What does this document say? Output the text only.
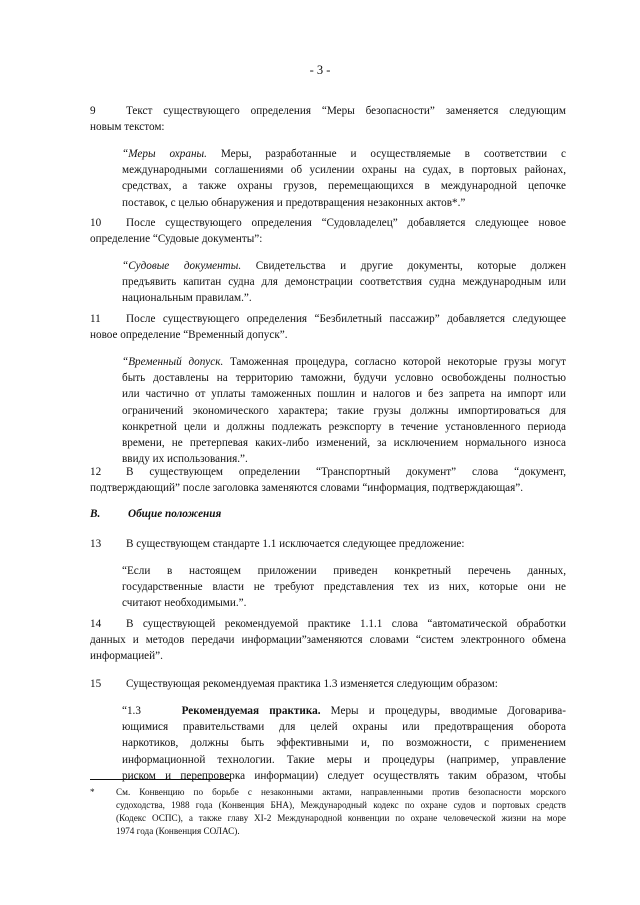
- 3 -
9	Текст существующего определения “Меры безопасности” заменяется следующим
новым текстом:
“Меры охраны. Меры, разработанные и осуществляемые в соответствии с
международными соглашениями об усилении охраны на судах, в портовых районах,
средствах, а также охраны грузов, перемещающихся в международной цепочке
поставок, с целью обнаружения и предотвращения незаконных актов*.”
10 После существующего определения “Судовладелец” добавляется следующее новое
определение “Судовые документы”:
“Судовые документы. Свидетельства и другие документы, которые должен
предъявить капитан судна для демонстрации соответствия судна международным или
национальным правилам.”.
11 После существующего определения “Безбилетный пассажир” добавляется следующее
новое определение “Временный допуск”.
“Временный допуск. Таможенная процедура, согласно которой некоторые грузы могут
быть доставлены на территорию таможни, будучи условно освобождены полностью
или частично от уплаты таможенных пошлин и налогов и без запрета на импорт или
ограничений экономического характера; такие грузы должны импортироваться для
конкретной цели и должны подлежать реэкспорту в течение установленного периода
времени, не претерпевая каких-либо изменений, за исключением нормального износа
ввиду их использования.”.
12 В существующем определении “Транспортный документ” слова “документ,
подтверждающий” после заголовка заменяются словами “информация, подтверждающая”.
B. Общие положения
13 В существующем стандарте 1.1 исключается следующее предложение:
“Если в настоящем приложении приведен конкретный перечень данных,
государственные власти не требуют представления тех из них, которые они не
считают необходимыми.”.
14 В существующей рекомендуемой практике 1.1.1 слова “автоматической обработки
данных и методов передачи информации”заменяются словами “систем электронного обмена
информацией”.
15 Существующая рекомендуемая практика 1.3 изменяется следующим образом:
“1.3	Рекомендуемая практика. Меры и процедуры, вводимые Договарива-
ющимися правительствами для целей охраны или предотвращения оборота
наркотиков, должны быть эффективными и, по возможности, с применением
информационной технологии. Такие меры и процедуры (например, управление
риском и перепроверка информации) следует осуществлять таким образом, чтобы
* См. Конвенцию по борьбе с незаконными актами, направленными против безопасности морского
судоходства, 1988 года (Конвенция БНА), Международный кодекс по охране судов и портовых средств
(Кодекс ОСПС), а также главу XI-2 Международной конвенции по охране человеческой жизни на море
1974 года (Конвенция СОЛАС).
